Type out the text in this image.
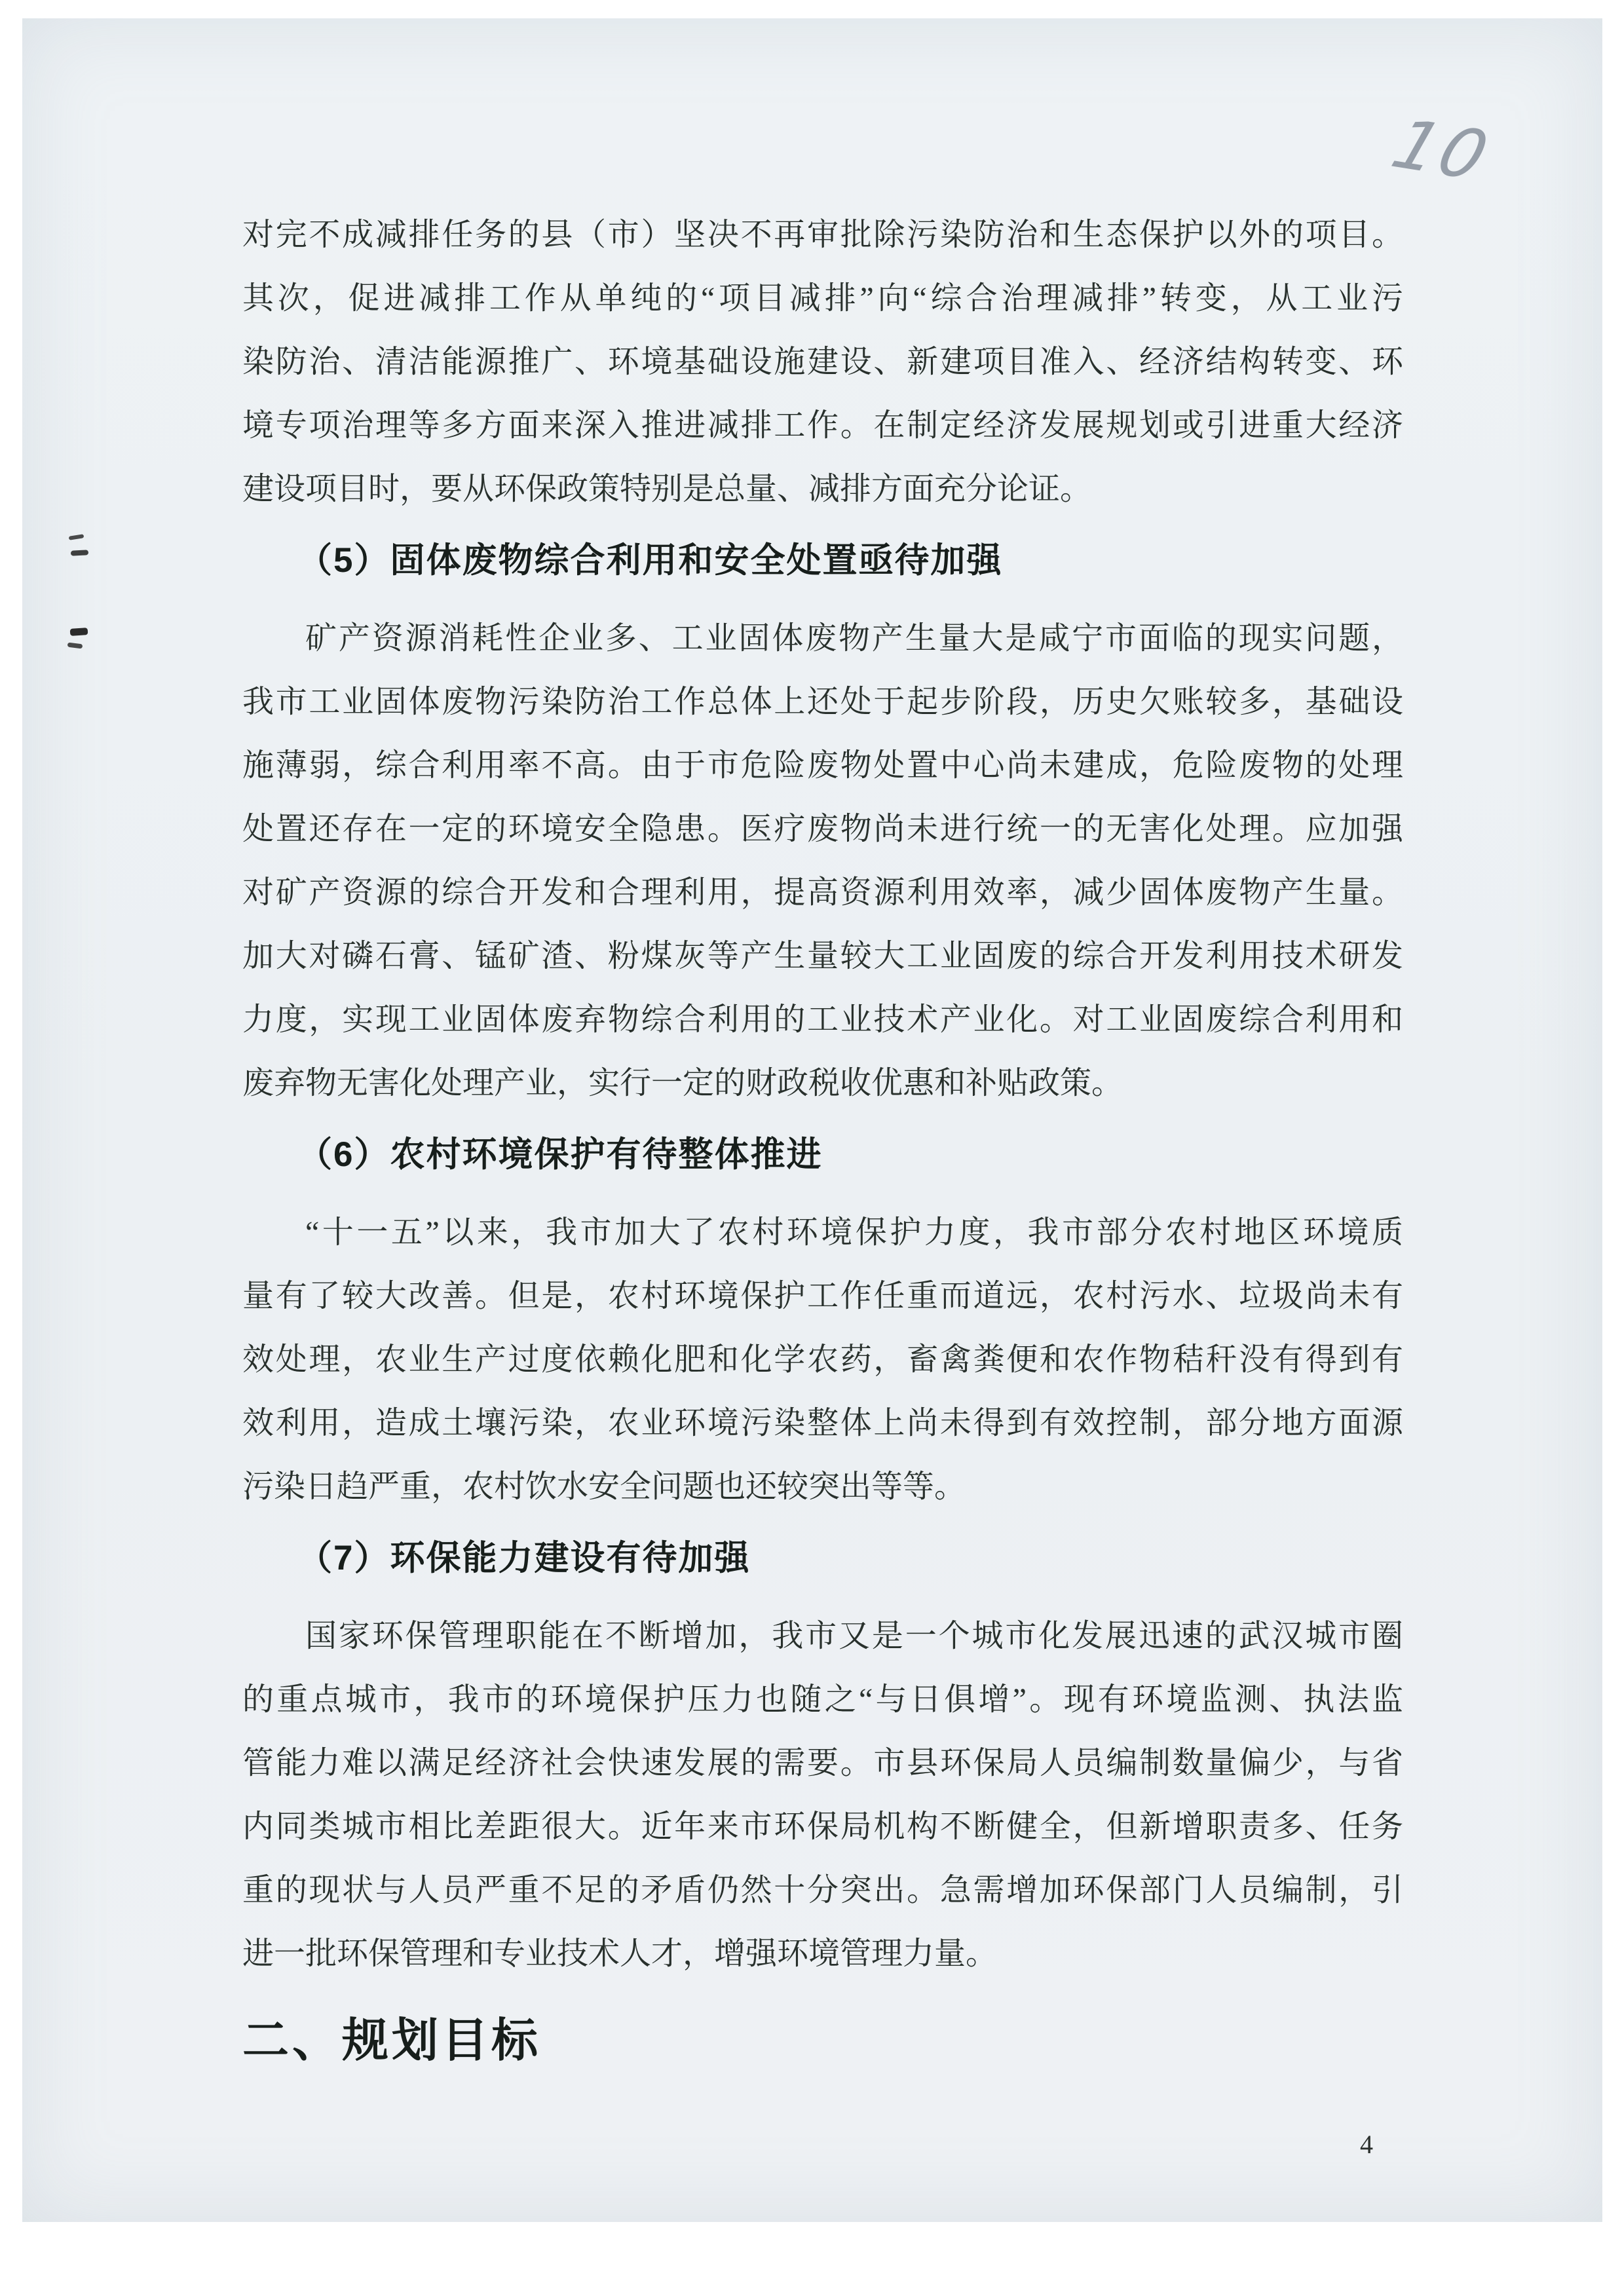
10
对完不成减排任务的县（市）坚决不再审批除污染防治和生态保护以外的项目。
其次，促进减排工作从单纯的“项目减排”向“综合治理减排”转变，从工业污
染防治、清洁能源推广、环境基础设施建设、新建项目准入、经济结构转变、环
境专项治理等多方面来深入推进减排工作。在制定经济发展规划或引进重大经济
建设项目时，要从环保政策特别是总量、减排方面充分论证。
（5）固体废物综合利用和安全处置亟待加强
矿产资源消耗性企业多、工业固体废物产生量大是咸宁市面临的现实问题，
我市工业固体废物污染防治工作总体上还处于起步阶段，历史欠账较多，基础设
施薄弱，综合利用率不高。由于市危险废物处置中心尚未建成，危险废物的处理
处置还存在一定的环境安全隐患。医疗废物尚未进行统一的无害化处理。应加强
对矿产资源的综合开发和合理利用，提高资源利用效率，减少固体废物产生量。
加大对磷石膏、锰矿渣、粉煤灰等产生量较大工业固废的综合开发利用技术研发
力度，实现工业固体废弃物综合利用的工业技术产业化。对工业固废综合利用和
废弃物无害化处理产业，实行一定的财政税收优惠和补贴政策。
（6）农村环境保护有待整体推进
“十一五”以来，我市加大了农村环境保护力度，我市部分农村地区环境质
量有了较大改善。但是，农村环境保护工作任重而道远，农村污水、垃圾尚未有
效处理，农业生产过度依赖化肥和化学农药，畜禽粪便和农作物秸秆没有得到有
效利用，造成土壤污染，农业环境污染整体上尚未得到有效控制，部分地方面源
污染日趋严重，农村饮水安全问题也还较突出等等。
（7）环保能力建设有待加强
国家环保管理职能在不断增加，我市又是一个城市化发展迅速的武汉城市圈
的重点城市，我市的环境保护压力也随之“与日俱增”。现有环境监测、执法监
管能力难以满足经济社会快速发展的需要。市县环保局人员编制数量偏少，与省
内同类城市相比差距很大。近年来市环保局机构不断健全，但新增职责多、任务
重的现状与人员严重不足的矛盾仍然十分突出。急需增加环保部门人员编制，引
进一批环保管理和专业技术人才，增强环境管理力量。
二、规划目标
4
